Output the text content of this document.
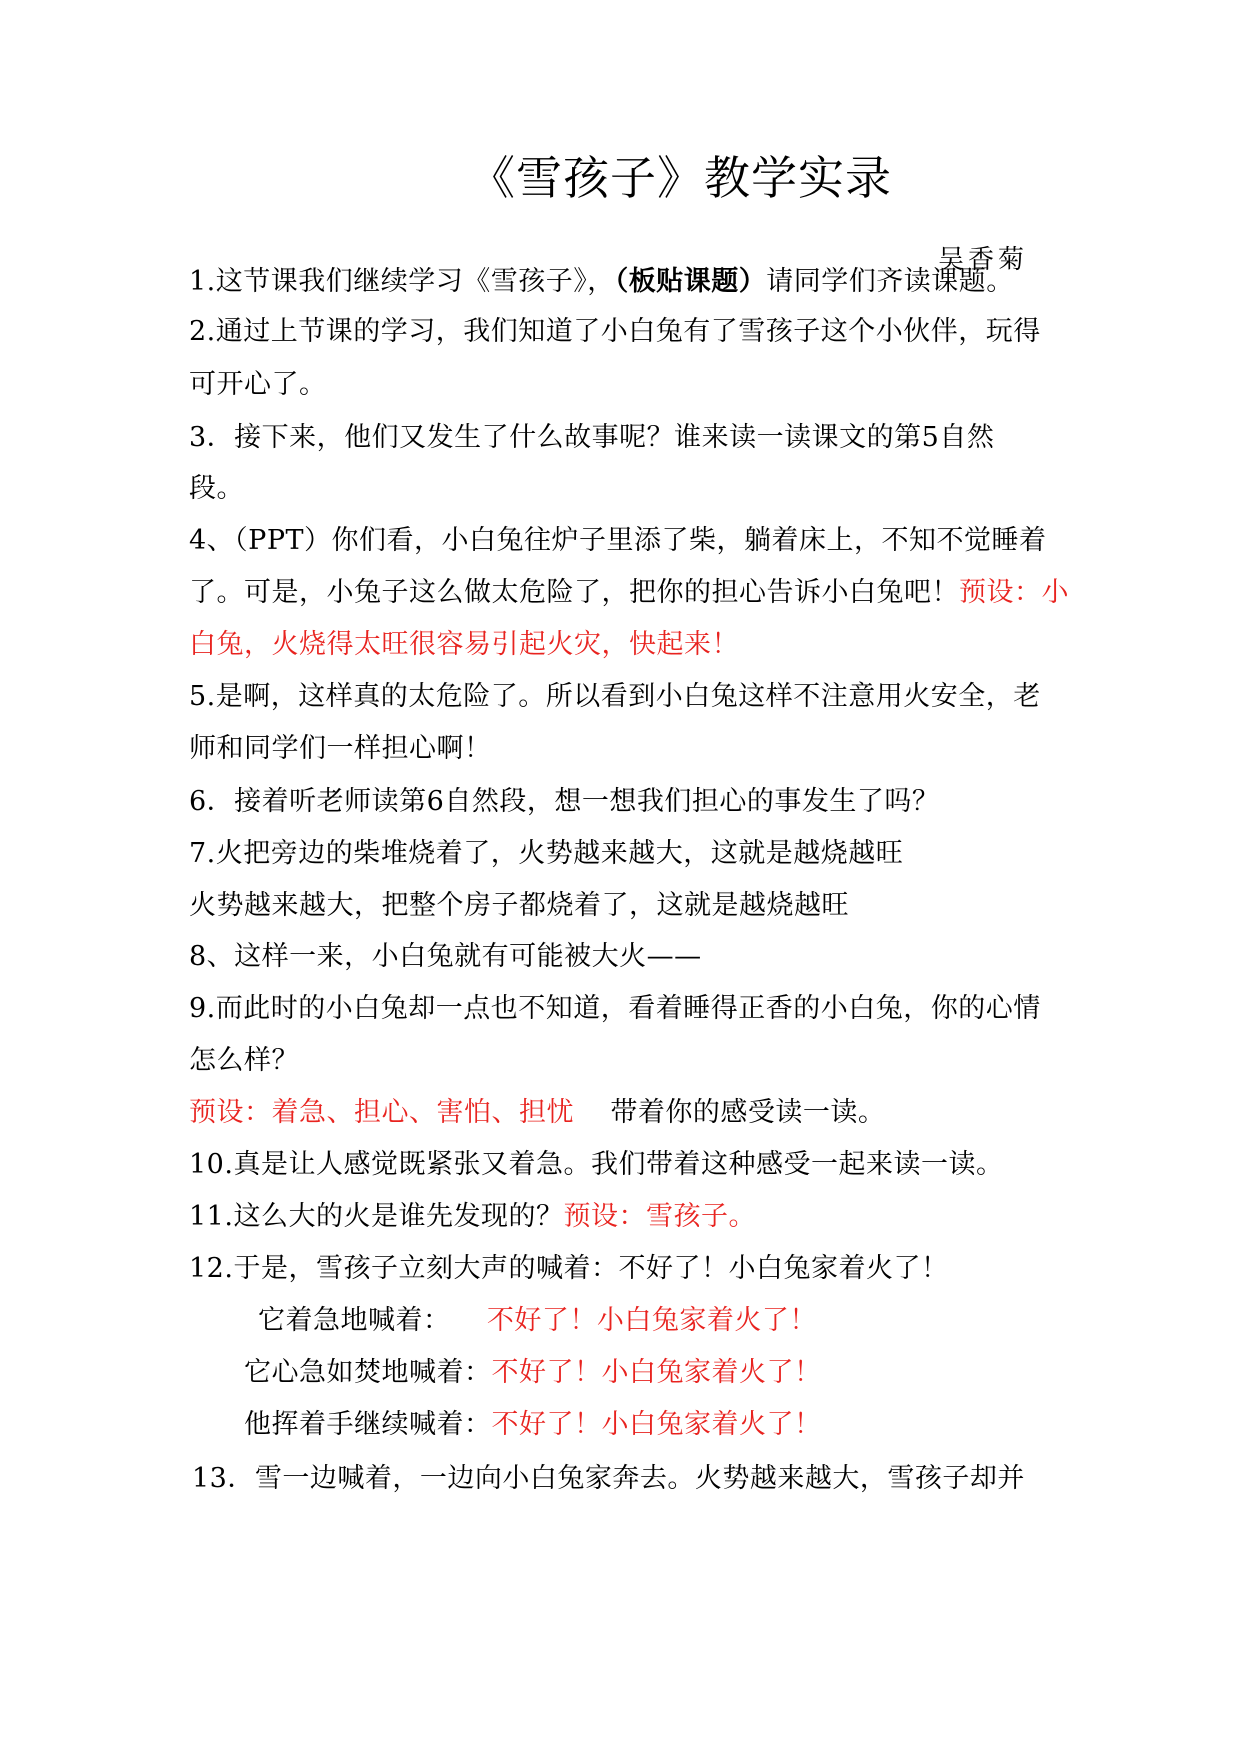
《雪孩子》教学实录
吴香菊
1.这节课我们继续学习《雪孩子》，（板贴课题）请同学们齐读课题。
2.通过上节课的学习，我们知道了小白兔有了雪孩子这个小伙伴，玩得
可开心了。
3．接下来，他们又发生了什么故事呢？谁来读一读课文的第5自然
段。
4、（PPT）你们看，小白兔往炉子里添了柴，躺着床上，不知不觉睡着
了。可是，小兔子这么做太危险了，把你的担心告诉小白兔吧！预设：小
白兔，火烧得太旺很容易引起火灾，快起来！
5.是啊，这样真的太危险了。所以看到小白兔这样不注意用火安全，老
师和同学们一样担心啊！
6．接着听老师读第6自然段，想一想我们担心的事发生了吗？
7.火把旁边的柴堆烧着了，火势越来越大，这就是越烧越旺
火势越来越大，把整个房子都烧着了，这就是越烧越旺
8、这样一来，小白兔就有可能被大火——
9.而此时的小白兔却一点也不知道，看着睡得正香的小白兔，你的心情
怎么样？
预设：着急、担心、害怕、担忧 带着你的感受读一读。
10.真是让人感觉既紧张又着急。我们带着这种感受一起来读一读。
11.这么大的火是谁先发现的？预设：雪孩子。
12.于是，雪孩子立刻大声的喊着：不好了！小白兔家着火了！
它着急地喊着： 不好了！小白兔家着火了！
它心急如焚地喊着：不好了！小白兔家着火了！
他挥着手继续喊着：不好了！小白兔家着火了！
13．雪一边喊着，一边向小白兔家奔去。火势越来越大，雪孩子却并
